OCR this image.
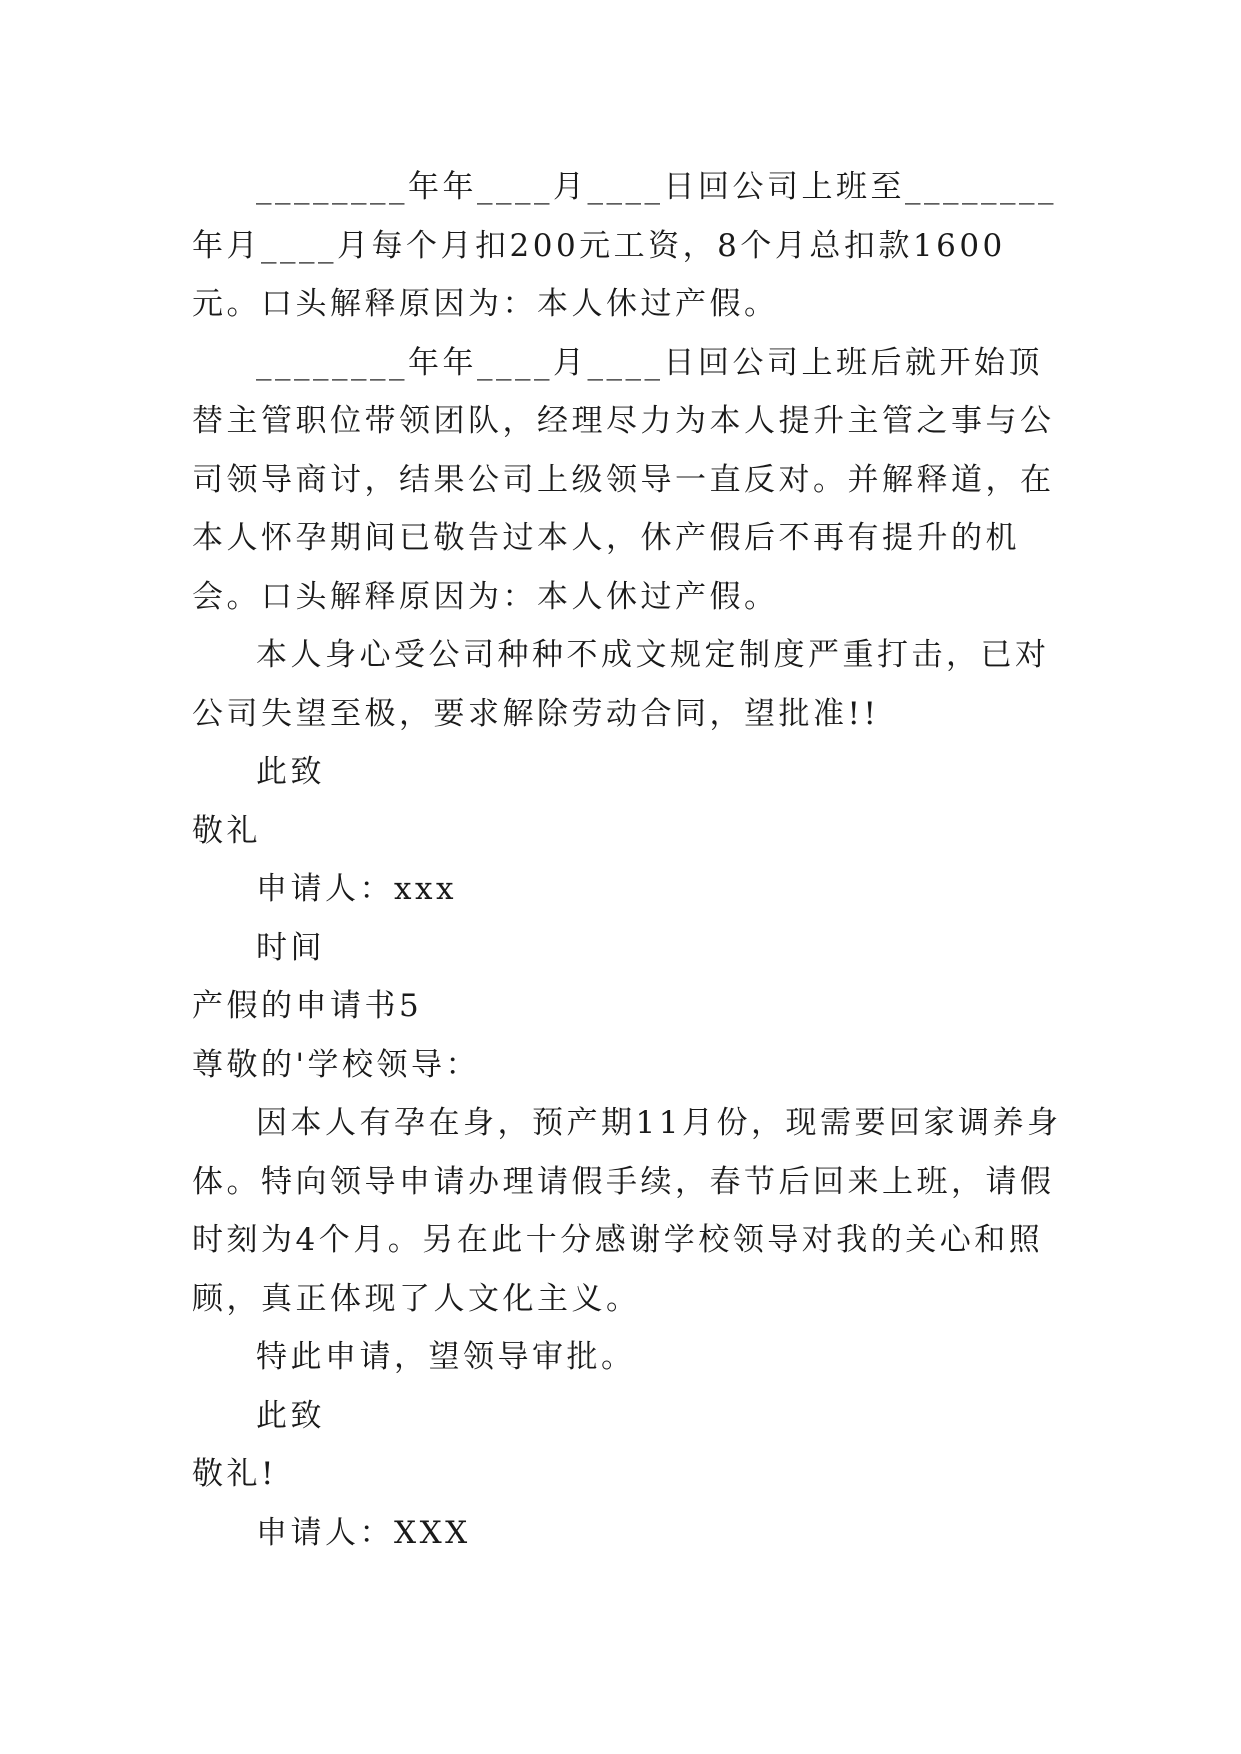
________年年____月____日回公司上班至________年月____月每个月扣200元工资，8个月总扣款1600元。口头解释原因为：本人休过产假。

________年年____月____日回公司上班后就开始顶替主管职位带领团队，经理尽力为本人提升主管之事与公司领导商讨，结果公司上级领导一直反对。并解释道，在本人怀孕期间已敬告过本人，休产假后不再有提升的机会。口头解释原因为：本人休过产假。

本人身心受公司种种不成文规定制度严重打击，已对公司失望至极，要求解除劳动合同，望批准!!

此致

敬礼

申请人：xxx

时间

产假的申请书5

尊敬的'学校领导：

因本人有孕在身，预产期11月份，现需要回家调养身体。特向领导申请办理请假手续，春节后回来上班，请假时刻为4个月。另在此十分感谢学校领导对我的关心和照顾，真正体现了人文化主义。

特此申请，望领导审批。

此致

敬礼!

申请人：XXX
